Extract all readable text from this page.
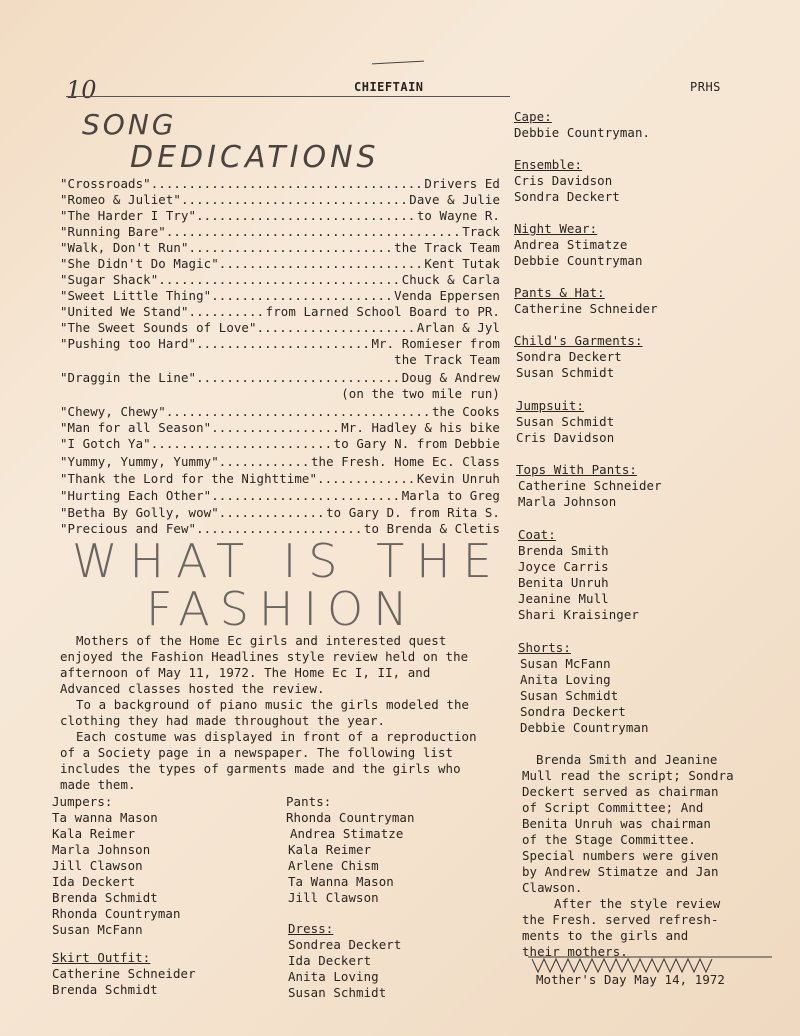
10	CHIEFTAIN	PRHS
SONG
DEDICATIONS
"Crossroads" .....	Drivers Ed
"Romeo & Juliet" .....	Dave & Julie
"The Harder I Try" .....	to Wayne R.
"Running Bare" .....	Track
"Walk, Don't Run" .....	the Track Team
"She Didn't Do Magic" .....	Kent Tutak
"Sugar Shack" .....	Chuck & Carla
"Sweet Little Thing" .....	Venda Eppersen
"United We Stand" .....	from Larned School Board to PR.
"The Sweet Sounds of Love" .....	Arlan & Jyl
"Pushing too Hard" .....	Mr. Romieser from
the Track Team
"Draggin the Line" .....	Doug & Andrew
(on the two mile run)
"Chewy, Chewy" .....	the Cooks
"Man for all Season" .....	Mr. Hadley & his bike
"I Gotch Ya" .....	to Gary N. from Debbie
"Yummy, Yummy, Yummy" .....	the Fresh. Home Ec. Class
"Thank the Lord for the Nighttime" .....	Kevin Unruh
"Hurting Each Other" .....	Marla to Greg
"Betha By Golly, wow" .....	to Gary D. from Rita S.
"Precious and Few" .....	to Brenda & Cletis
WHAT IS THE
FASHION
Mothers of the Home Ec girls and interested quest enjoyed the Fashion Headlines style review held on the afternoon of May 11, 1972. The Home Ec I, II, and Advanced classes hosted the review.
To a background of piano music the girls modeled the clothing they had made throughout the year.
Each costume was displayed in front of a reproduction of a Society page in a newspaper. The following list includes the types of garments made and the girls who made them.
Jumpers:
Ta wanna Mason
Kala Reimer
Marla Johnson
Jill Clawson
Ida Deckert
Brenda Schmidt
Rhonda Countryman
Susan McFann
Skirt Outfit:
Catherine Schneider
Brenda Schmidt
Pants:
Rhonda Countryman
Andrea Stimatze
Kala Reimer
Arlene Chism
Ta Wanna Mason
Jill Clawson
Dress:
Sondrea Deckert
Ida Deckert
Anita Loving
Susan Schmidt
Cape:
Debbie Countryman.
Ensemble:
Cris Davidson
Sondra Deckert
Night Wear:
Andrea Stimatze
Debbie Countryman
Pants & Hat:
Catherine Schneider
Child's Garments:
Sondra Deckert
Susan Schmidt
Jumpsuit:
Susan Schmidt
Cris Davidson
Tops With Pants:
Catherine Schneider
Marla Johnson
Coat:
Brenda Smith
Joyce Carris
Benita Unruh
Jeanine Mull
Shari Kraisinger
Shorts:
Susan McFann
Anita Loving
Susan Schmidt
Sondra Deckert
Debbie Countryman
Brenda Smith and Jeanine
Mull read the script; Sondra
Deckert served as chairman
of Script Committee; And
Benita Unruh was chairman
of the Stage Committee.
Special numbers were given
by Andrew Stimatze and Jan
Clawson.
After the style review
the Fresh. served refresh-
ments to the girls and
their mothers.
Mother's Day May 14, 1972
